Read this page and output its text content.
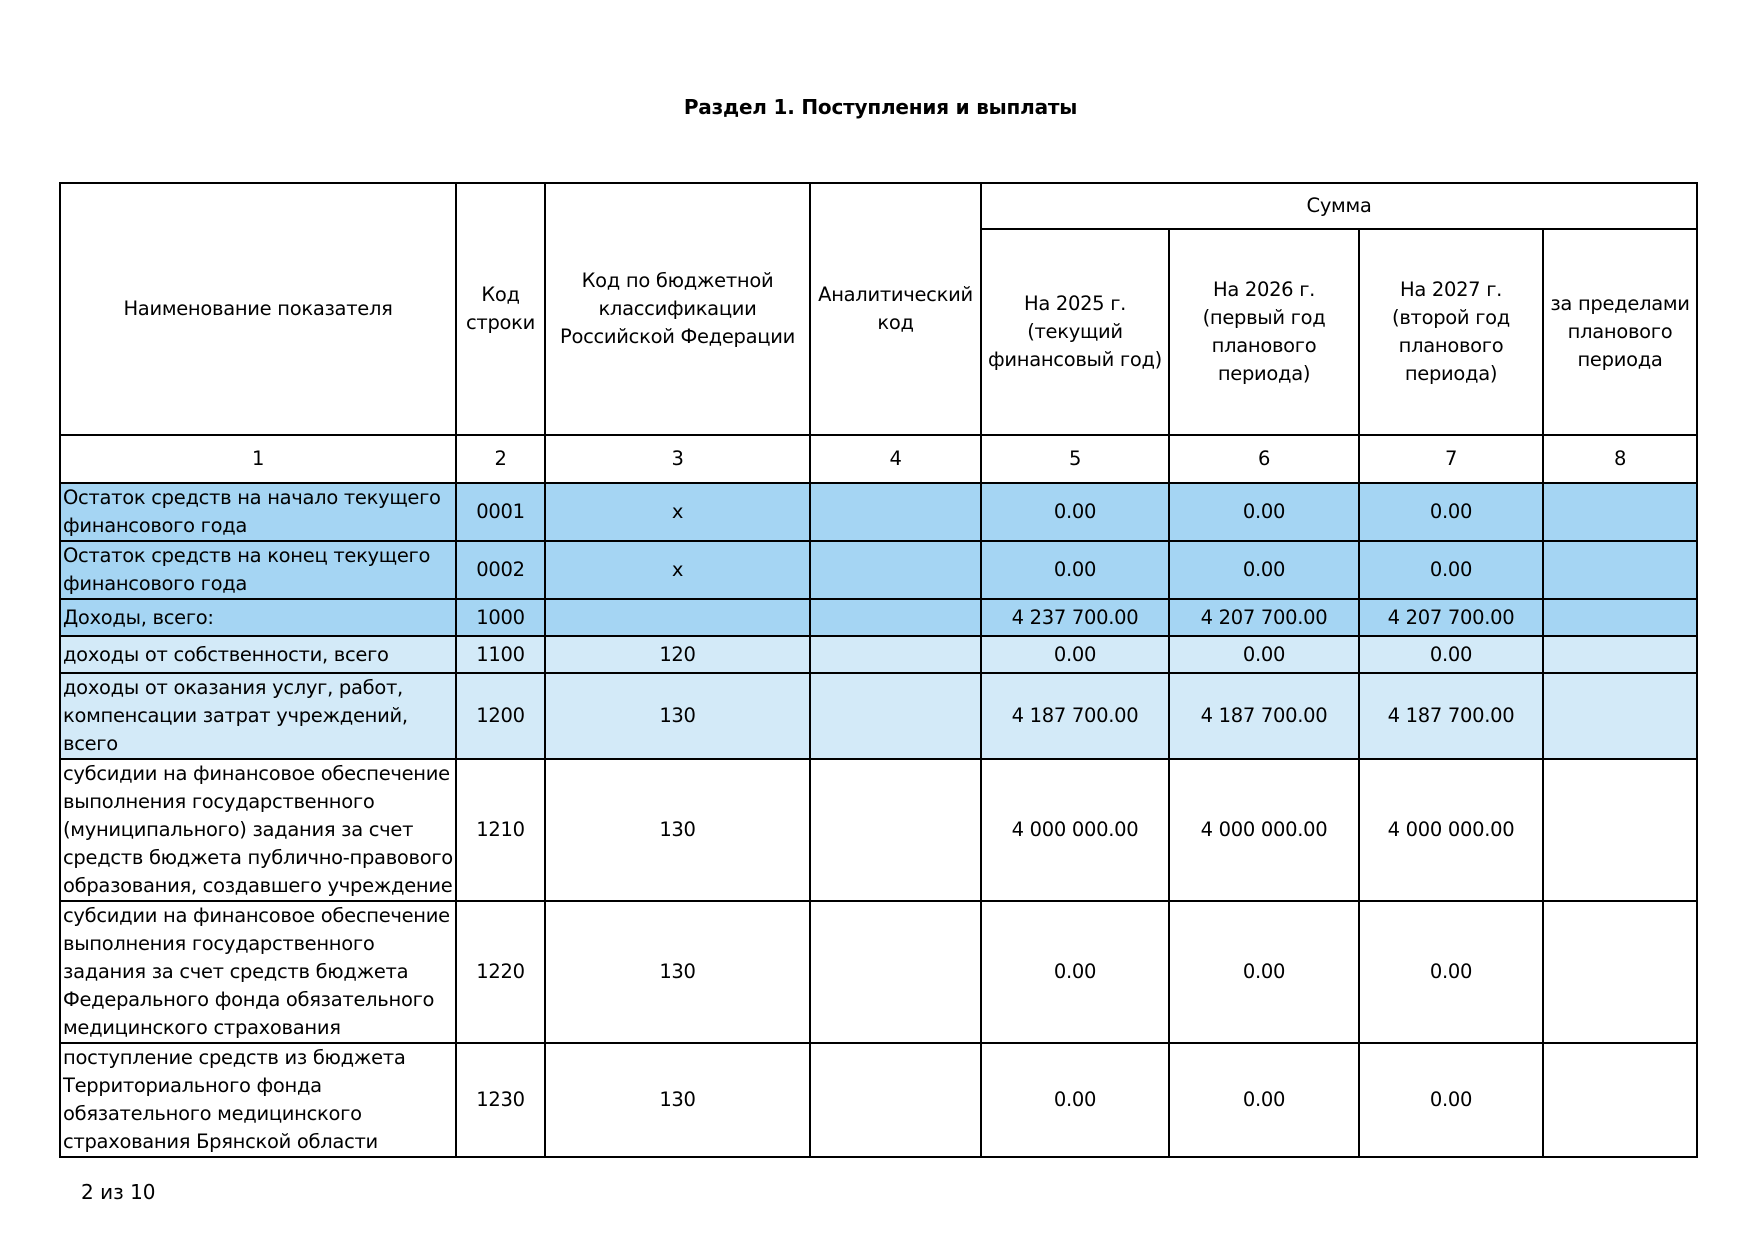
Раздел 1. Поступления и выплаты
Наименование показателя	Код строки	Код по бюджетной классификации Российской Федерации	Аналитический код	Сумма			
				На 2025 г. (текущий финансовый год)	На 2026 г. (первый год планового периода)	На 2027 г. (второй год планового периода)	за пределами планового периода
1	2	3	4	5	6	7	8
Остаток средств на начало текущего финансового года	0001	x		0.00	0.00	0.00	
Остаток средств на конец текущего финансового года	0002	x		0.00	0.00	0.00	
Доходы, всего:	1000			4 237 700.00	4 207 700.00	4 207 700.00	
доходы от собственности, всего	1100	120		0.00	0.00	0.00	
доходы от оказания услуг, работ, компенсации затрат учреждений, всего	1200	130		4 187 700.00	4 187 700.00	4 187 700.00	
субсидии на финансовое обеспечение выполнения государственного (муниципального) задания за счет средств бюджета публично-правового образования, создавшего учреждение	1210	130		4 000 000.00	4 000 000.00	4 000 000.00	
субсидии на финансовое обеспечение выполнения государственного задания за счет средств бюджета Федерального фонда обязательного медицинского страхования	1220	130		0.00	0.00	0.00	
поступление средств из бюджета Территориального фонда обязательного медицинского страхования Брянской области	1230	130		0.00	0.00	0.00	
2 из 10
